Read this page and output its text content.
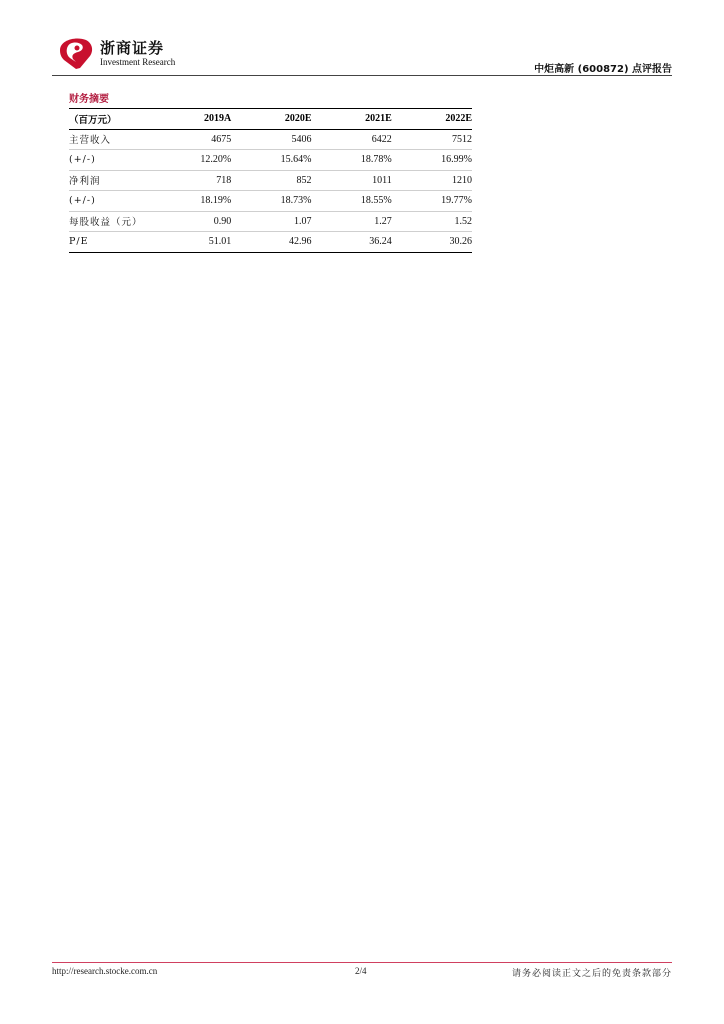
浙商证券
Investment Research
中炬高新 (600872) 点评报告
财务摘要
（百万元）	2019A	2020E	2021E	2022E
主营收入	4675	5406	6422	7512
(+/-)	12.20%	15.64%	18.78%	16.99%
净利润	718	852	1011	1210
(+/-)	18.19%	18.73%	18.55%	19.77%
每股收益（元）	0.90	1.07	1.27	1.52
P/E	51.01	42.96	36.24	30.26
http://research.stocke.com.cn	2/4	请务必阅读正文之后的免责条款部分
